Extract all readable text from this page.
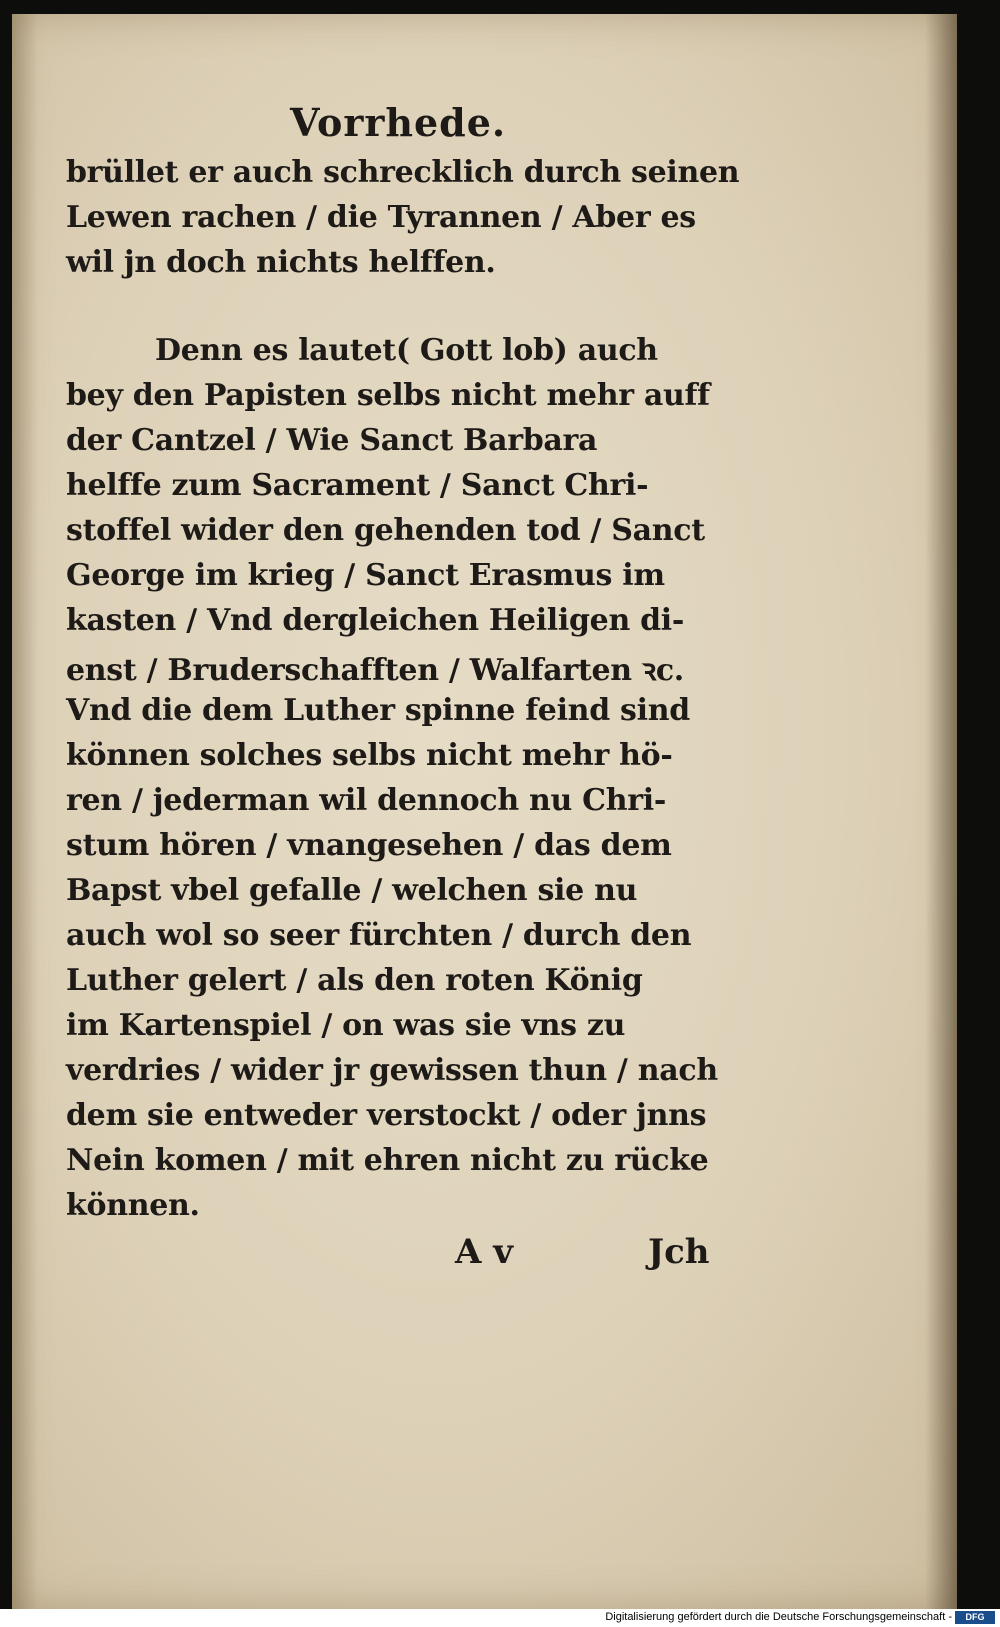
Vorrhede.
brüllet er auch schrecklich durch seinen
Lewen rachen / die Tyrannen / Aber es
wil jn doch nichts helffen.
Denn es lautet( Gott lob) auch
bey den Papisten selbs nicht mehr auff
der Cantzel / Wie Sanct Barbara
helffe zum Sacrament / Sanct Chri-
stoffel wider den gehenden tod / Sanct
George im krieg / Sanct Erasmus im
kasten / Vnd dergleichen Heiligen di-
enst / Bruderschafften / Walfarten ꝛc.
Vnd die dem Luther spinne feind sind
können solches selbs nicht mehr hö-
ren / jederman wil dennoch nu Chri-
stum hören / vnangesehen / das dem
Bapst vbel gefalle / welchen sie nu
auch wol so seer fürchten / durch den
Luther gelert / als den roten König
im Kartenspiel / on was sie vns zu
verdries / wider jr gewissen thun / nach
dem sie entweder verstockt / oder jnns
Nein komen / mit ehren nicht zu rücke
können.
A v	Jch
Digitalisierung gefördert durch die Deutsche Forschungsgemeinschaft -	DFG
